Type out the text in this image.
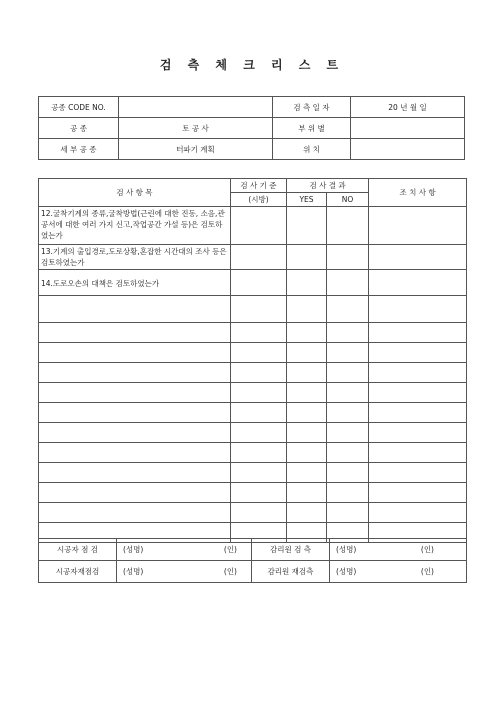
검 측 체 크 리 스 트
공종 CODE NO.		검 측 일 자	20 년 월 일
공 종	토 공 사	부 위 별	
세 부 공 종	터파기 계획	위 치	
검 사 항 목	검 사 기 준	검 사 결 과		조 치 사 항
	(시방)	YES	NO	
12.굴착기계의 종류,굴착방법(근린에 대한 진동, 소음,관공서에 대한 여러 가지 신고,작업공간 가설 등)은 검토하였는가				
13.기계의 출입경로,도로상황,혼잡한 시간대의 조사 등은 검토하였는가				
14.도로오손의 대책은 검토하였는가				

시공자 점 검	(성명) (인)	감리원 검 측	(성명) (인)

시공자재점검	(성명) (인)	감리원 재검측	(성명) (인)
